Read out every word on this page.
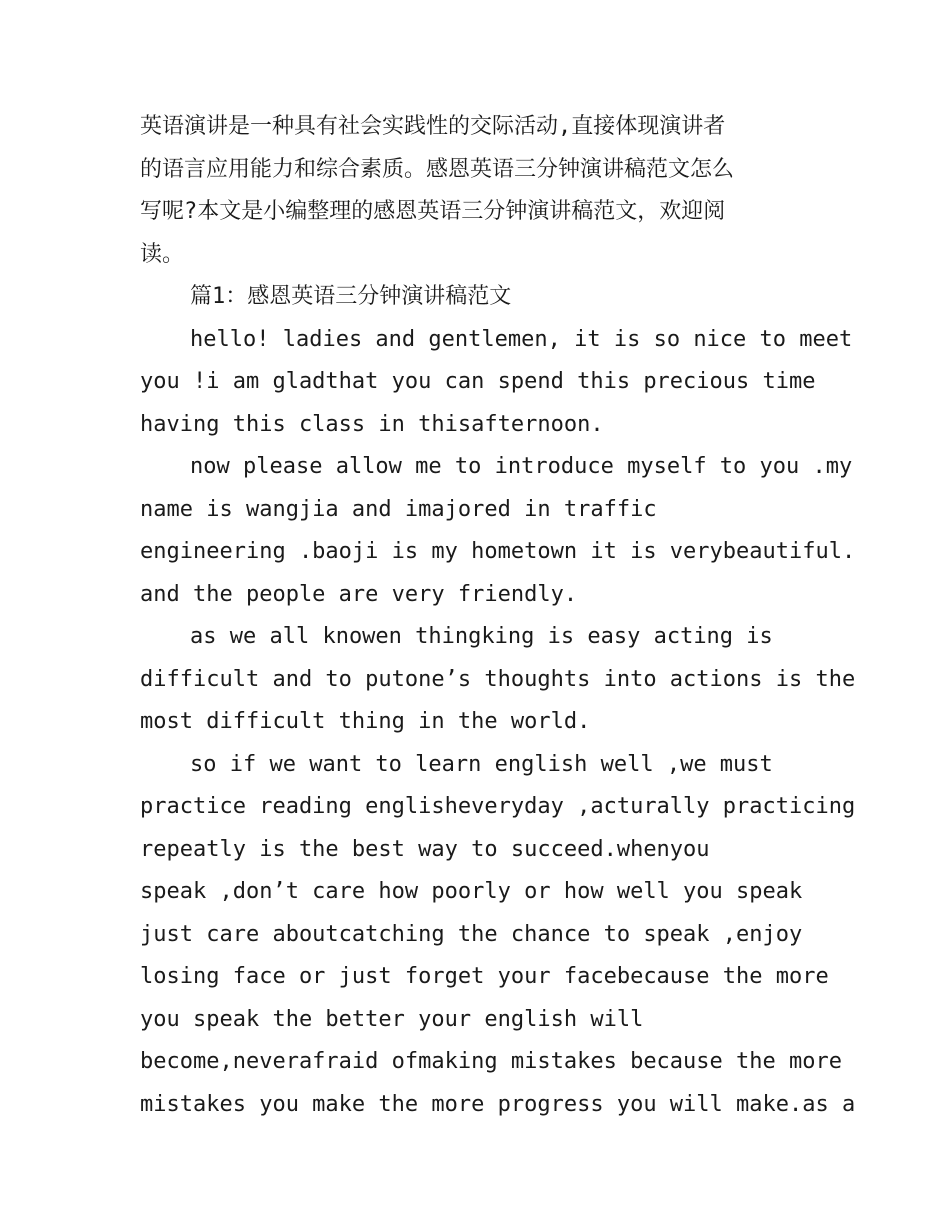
英语演讲是一种具有社会实践性的交际活动,直接体现演讲者
的语言应用能力和综合素质。感恩英语三分钟演讲稿范文怎么
写呢?本文是小编整理的感恩英语三分钟演讲稿范文，欢迎阅
读。
篇1：感恩英语三分钟演讲稿范文
hello! ladies and gentlemen, it is so nice to meet
you !i am gladthat you can spend this precious time
having this class in thisafternoon.
now please allow me to introduce myself to you .my
name is wangjia and imajored in traffic
engineering .baoji is my hometown it is verybeautiful.
and the people are very friendly.
as we all knowen thingking is easy acting is
difficult and to putone’s thoughts into actions is the
most difficult thing in the world.
so if we want to learn english well ,we must
practice reading englisheveryday ,acturally practicing
repeatly is the best way to succeed.whenyou
speak ,don’t care how poorly or how well you speak
just care aboutcatching the chance to speak ,enjoy
losing face or just forget your facebecause the more
you speak the better your english will
become,neverafraid ofmaking mistakes because the more
mistakes you make the more progress you will make.as a
